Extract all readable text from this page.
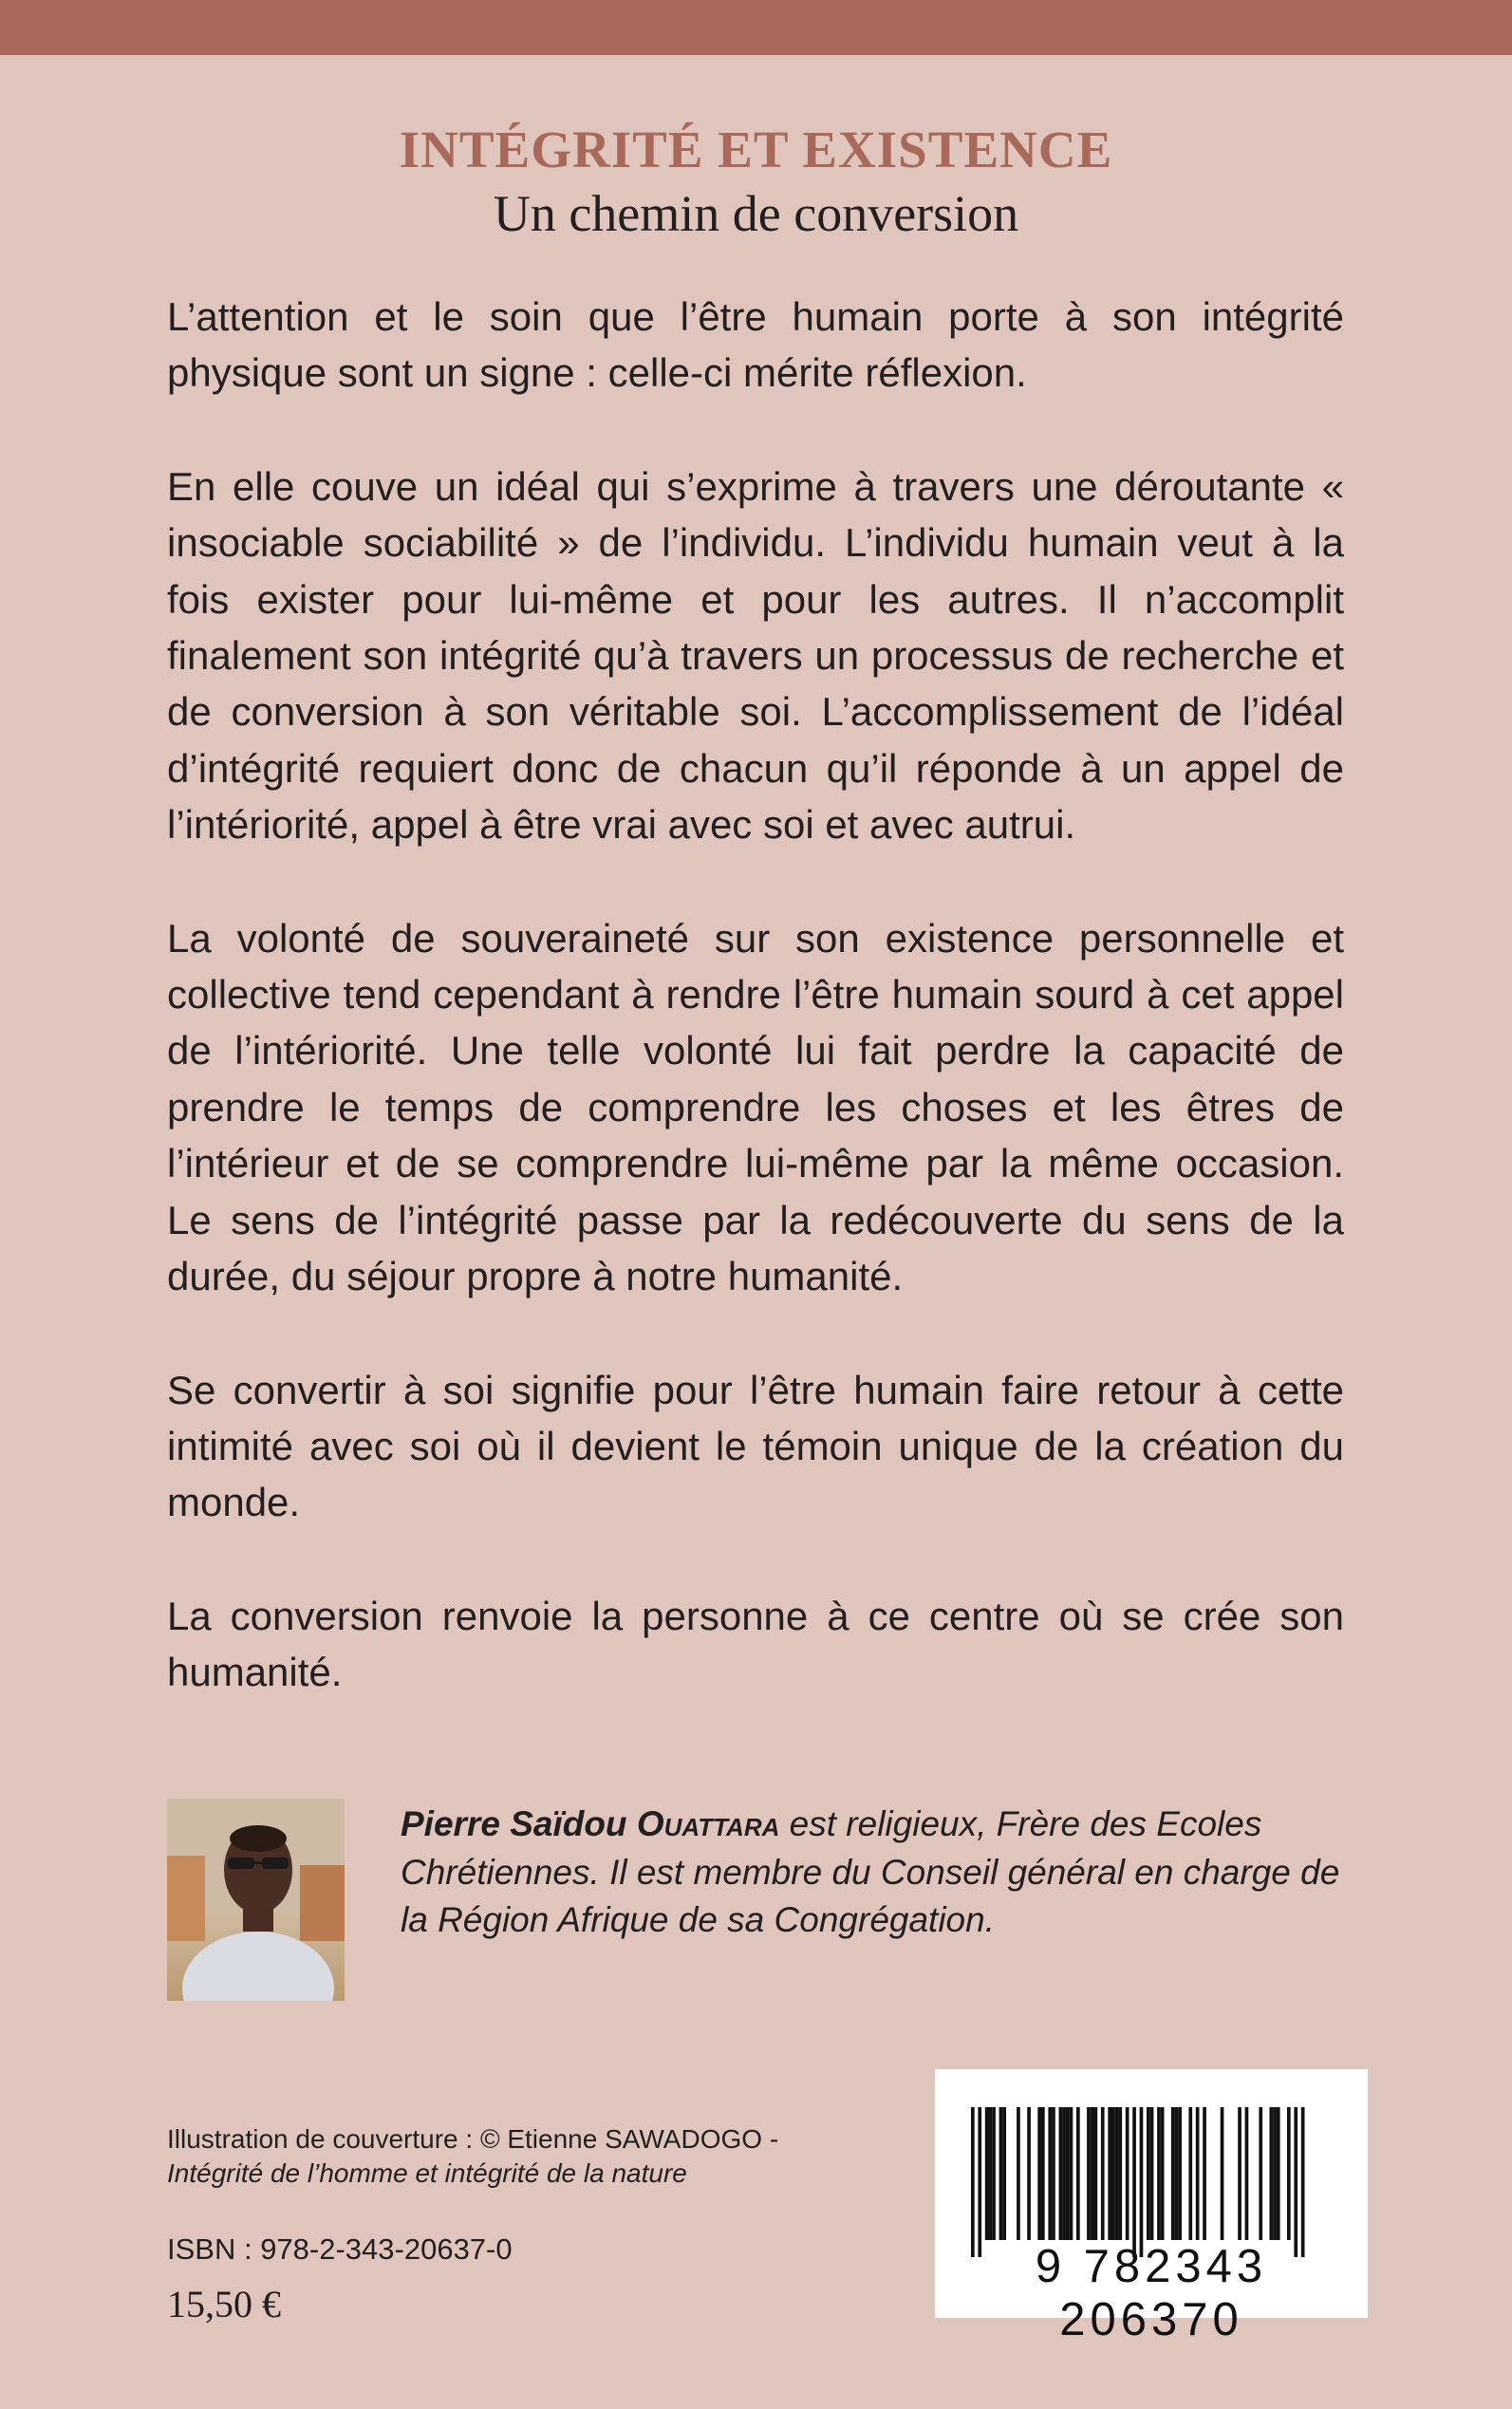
INTÉGRITÉ ET EXISTENCE
Un chemin de conversion

L’attention et le soin que l’être humain porte à son intégrité physique sont un signe : celle-ci mérite réflexion.

En elle couve un idéal qui s’exprime à travers une déroutante « insociable sociabilité » de l’individu. L’individu humain veut à la fois exister pour lui-même et pour les autres. Il n’accomplit finalement son intégrité qu’à travers un processus de recherche et de conversion à son véritable soi. L’accomplissement de l’idéal d’intégrité requiert donc de chacun qu’il réponde à un appel de l’intériorité, appel à être vrai avec soi et avec autrui.

La volonté de souveraineté sur son existence personnelle et collective tend cependant à rendre l’être humain sourd à cet appel de l’intériorité. Une telle volonté lui fait perdre la capacité de prendre le temps de comprendre les choses et les êtres de l’intérieur et de se comprendre lui-même par la même occasion. Le sens de l’intégrité passe par la redécouverte du sens de la durée, du séjour propre à notre humanité.

Se convertir à soi signifie pour l’être humain faire retour à cette intimité avec soi où il devient le témoin unique de la création du monde.

La conversion renvoie la personne à ce centre où se crée son humanité.

Pierre Saïdou Ouattara est religieux, Frère des Ecoles Chrétiennes. Il est membre du Conseil général en charge de la Région Afrique de sa Congrégation.
Illustration de couverture : © Etienne SAWADOGO -
Intégrité de l’homme et intégrité de la nature
ISBN : 978-2-343-20637-0
15,50 €
9 782343 206370
